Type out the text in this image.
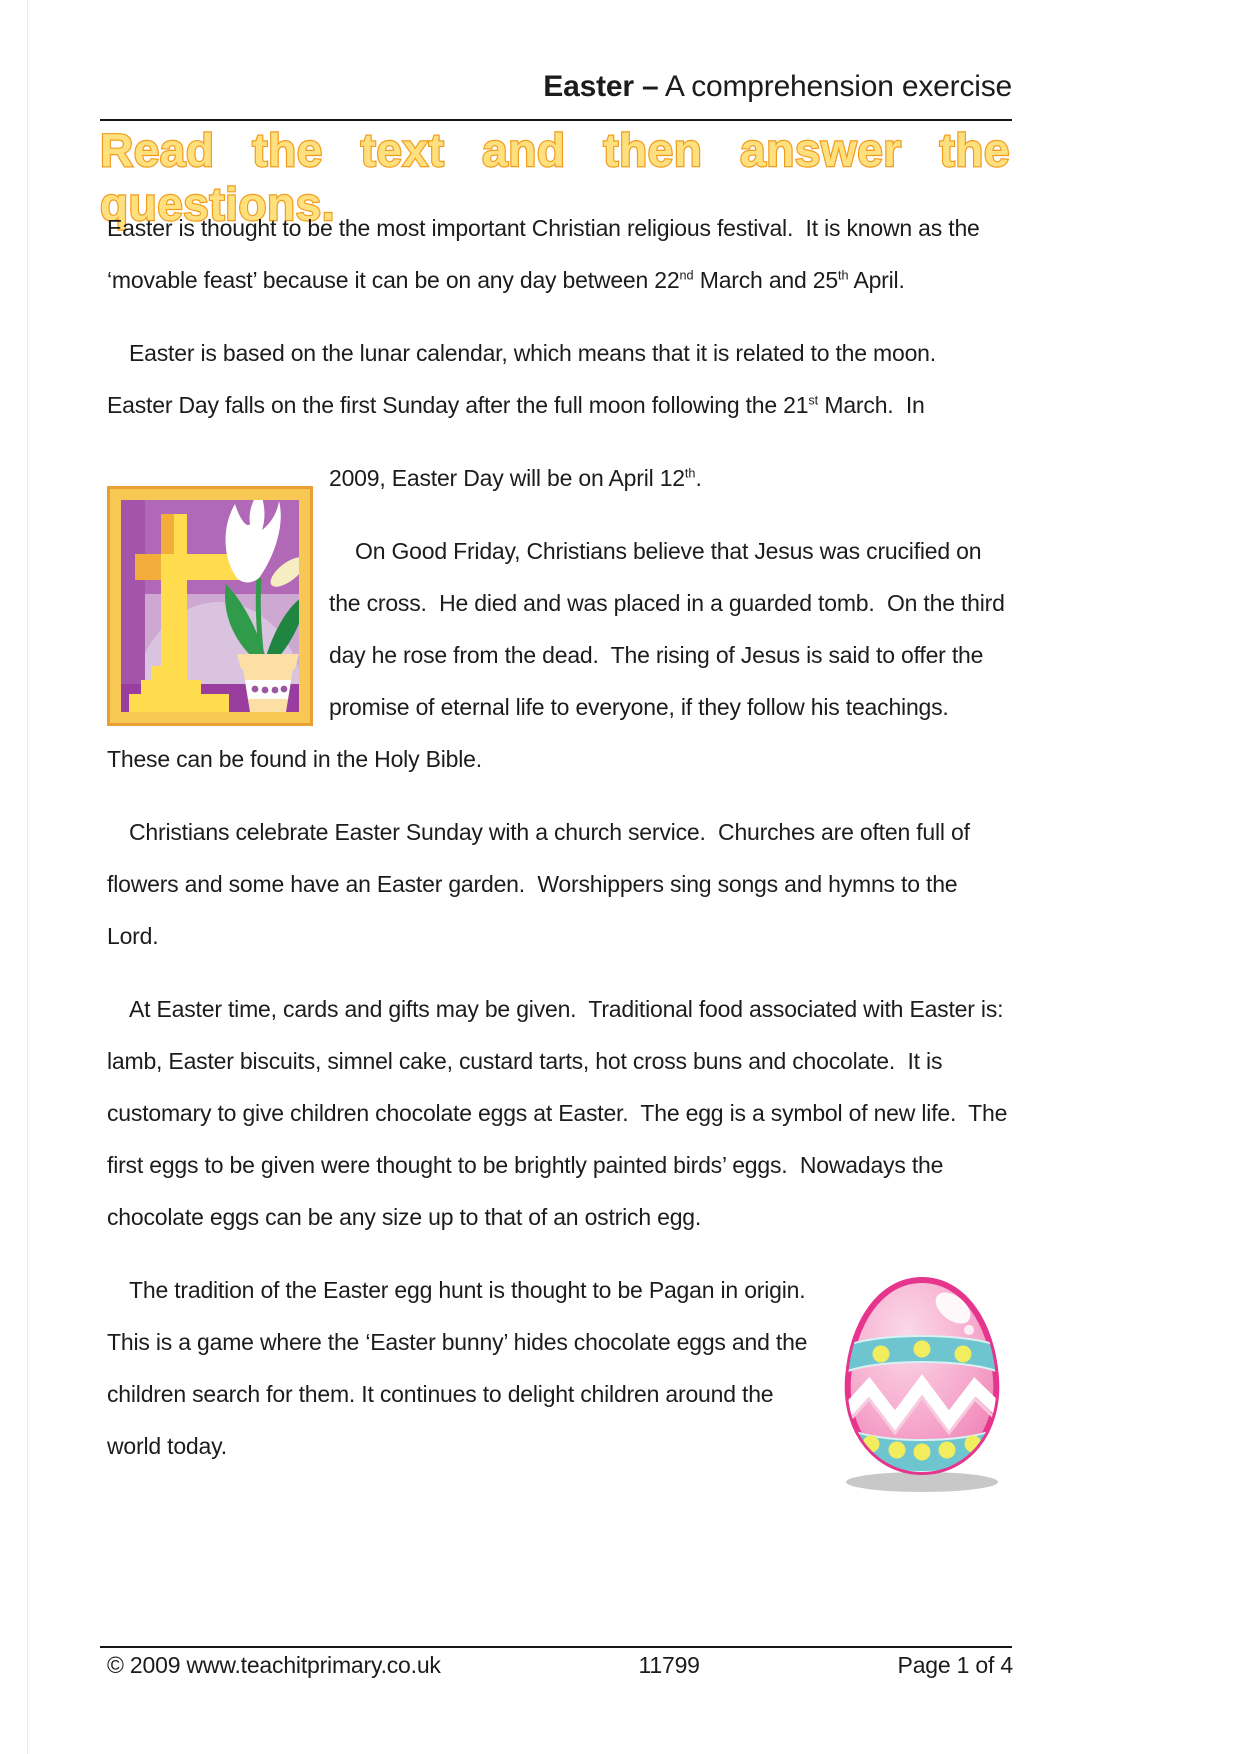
Easter – A comprehension exercise
Read the text and then answer the questions.

Easter is thought to be the most important Christian religious festival.  It is known as the ‘movable feast’ because it can be on any day between 22nd March and 25th April.

Easter is based on the lunar calendar, which means that it is related to the moon.  Easter Day falls on the first Sunday after the full moon following the 21st March.  In

2009, Easter Day will be on April 12th.

On Good Friday, Christians believe that Jesus was crucified on the cross.  He died and was placed in a guarded tomb.  On the third day he rose from the dead.  The rising of Jesus is said to offer the promise of eternal life to everyone, if they follow his teachings. These can be found in the Holy Bible.

Christians celebrate Easter Sunday with a church service.  Churches are often full of flowers and some have an Easter garden.  Worshippers sing songs and hymns to the Lord.

At Easter time, cards and gifts may be given.  Traditional food associated with Easter is: lamb, Easter biscuits, simnel cake, custard tarts, hot cross buns and chocolate.  It is customary to give children chocolate eggs at Easter.  The egg is a symbol of new life.  The first eggs to be given were thought to be brightly painted birds’ eggs.  Nowadays the chocolate eggs can be any size up to that of an ostrich egg.

The tradition of the Easter egg hunt is thought to be Pagan in origin.  This is a game where the ‘Easter bunny’ hides chocolate eggs and the children search for them. It continues to delight children around the world today.

© 2009 www.teachitprimary.co.uk	11799	Page 1 of 4
